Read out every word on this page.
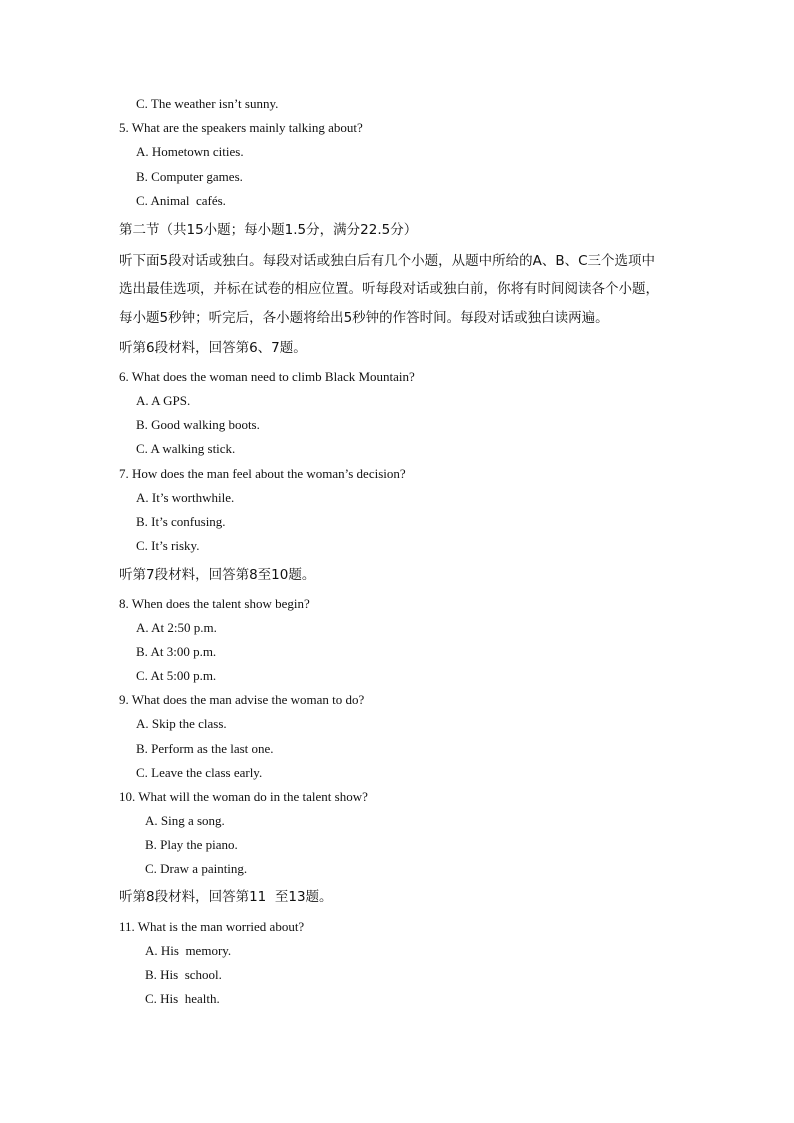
C. The weather isn’t sunny.
5. What are the speakers mainly talking about?
A. Hometown cities.
B. Computer games.
C. Animal  cafés.
第二节（共15小题；每小题1.5分，满分22.5分）
听下面5段对话或独白。每段对话或独白后有几个小题，从题中所给的A、B、C三个选项中
选出最佳选项，并标在试卷的相应位置。听每段对话或独白前，你将有时间阅读各个小题，
每小题5秒钟；听完后，各小题将给出5秒钟的作答时间。每段对话或独白读两遍。
听第6段材料，回答第6、7题。
6. What does the woman need to climb Black Mountain?
A. A GPS.
B. Good walking boots.
C. A walking stick.
7. How does the man feel about the woman’s decision?
A. It’s worthwhile.
B. It’s confusing.
C. It’s risky.
听第7段材料，回答第8至10题。
8. When does the talent show begin?
A. At 2:50 p.m.
B. At 3:00 p.m.
C. At 5:00 p.m.
9. What does the man advise the woman to do?
A. Skip the class.
B. Perform as the last one.
C. Leave the class early.
10. What will the woman do in the talent show?
A. Sing a song.
B. Play the piano.
C. Draw a painting.
听第8段材料，回答第11  至13题。
11. What is the man worried about?
A. His  memory.
B. His  school.
C. His  health.
